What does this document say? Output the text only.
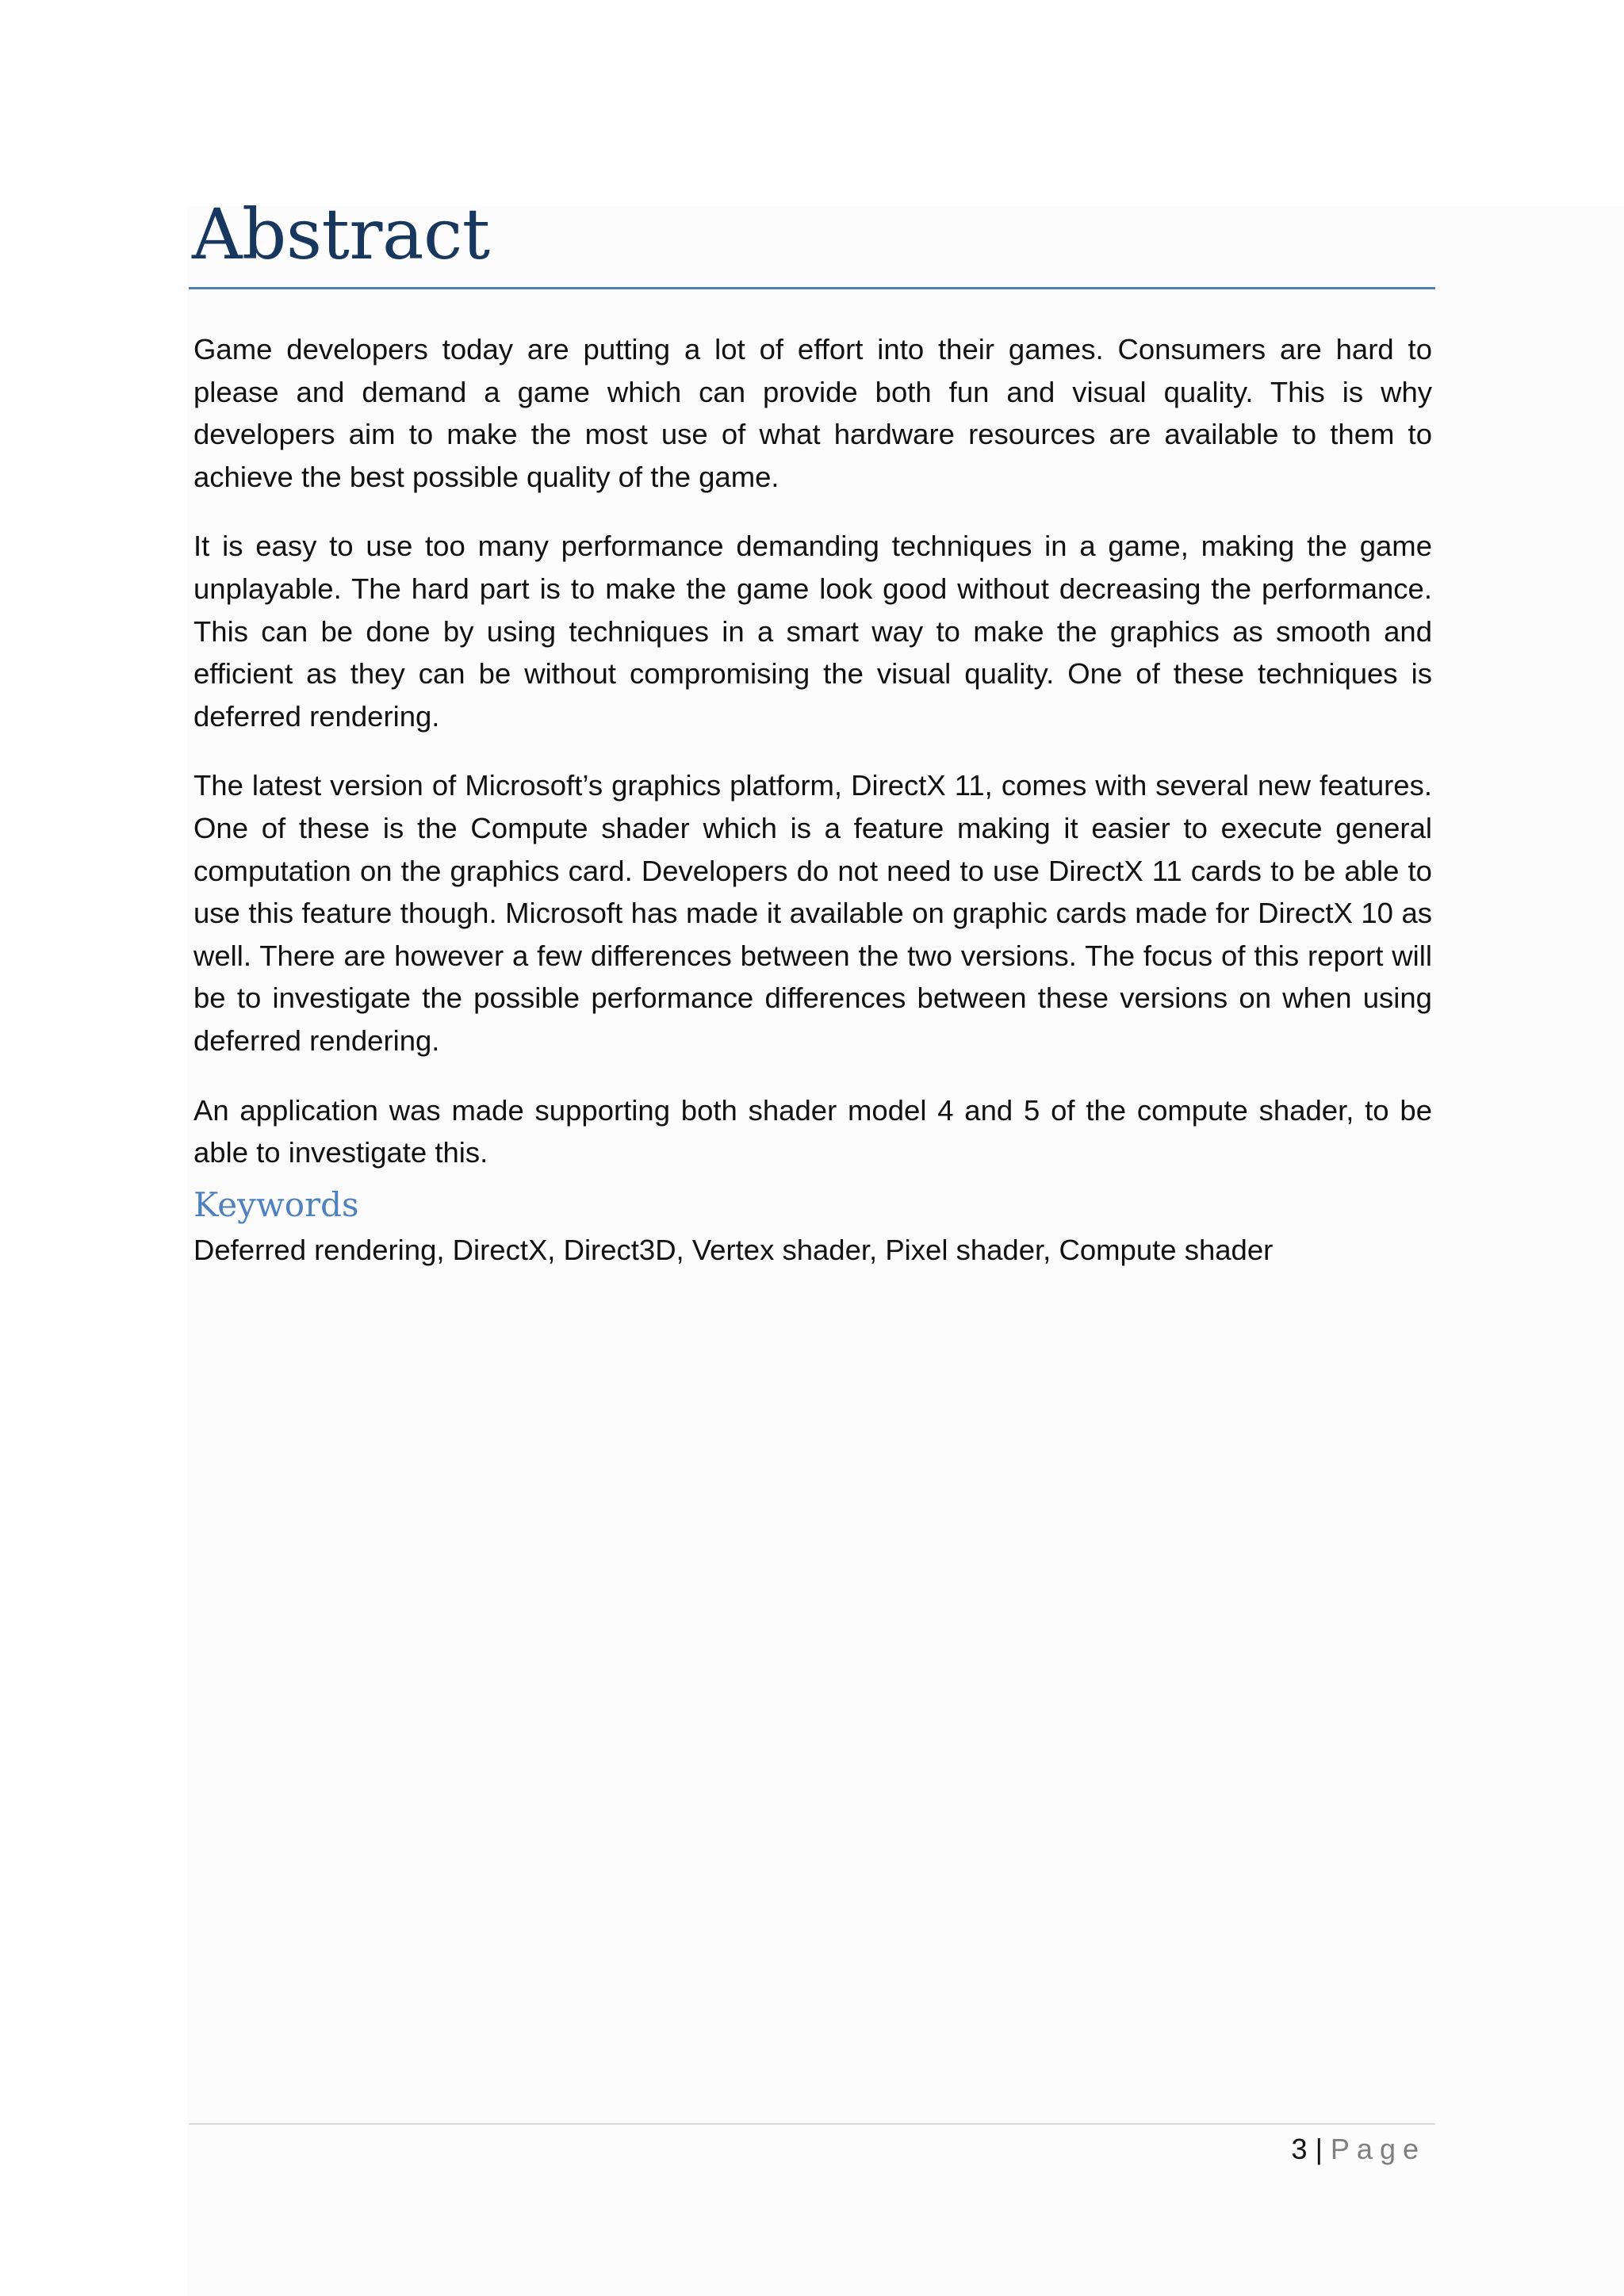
Abstract

Game developers today are putting a lot of effort into their games. Consumers are hard to please and demand a game which can provide both fun and visual quality. This is why developers aim to make the most use of what hardware resources are available to them to achieve the best possible quality of the game.

It is easy to use too many performance demanding techniques in a game, making the game unplayable. The hard part is to make the game look good without decreasing the performance. This can be done by using techniques in a smart way to make the graphics as smooth and efficient as they can be without compromising the visual quality. One of these techniques is deferred rendering.

The latest version of Microsoft’s graphics platform, DirectX 11, comes with several new features. One of these is the Compute shader which is a feature making it easier to execute general computation on the graphics card. Developers do not need to use DirectX 11 cards to be able to use this feature though. Microsoft has made it available on graphic cards made for DirectX 10 as well. There are however a few differences between the two versions. The focus of this report will be to investigate the possible performance differences between these versions on when using deferred rendering.

An application was made supporting both shader model 4 and 5 of the compute shader, to be able to investigate this.

Keywords

Deferred rendering, DirectX, Direct3D, Vertex shader, Pixel shader, Compute shader

3 | Page
